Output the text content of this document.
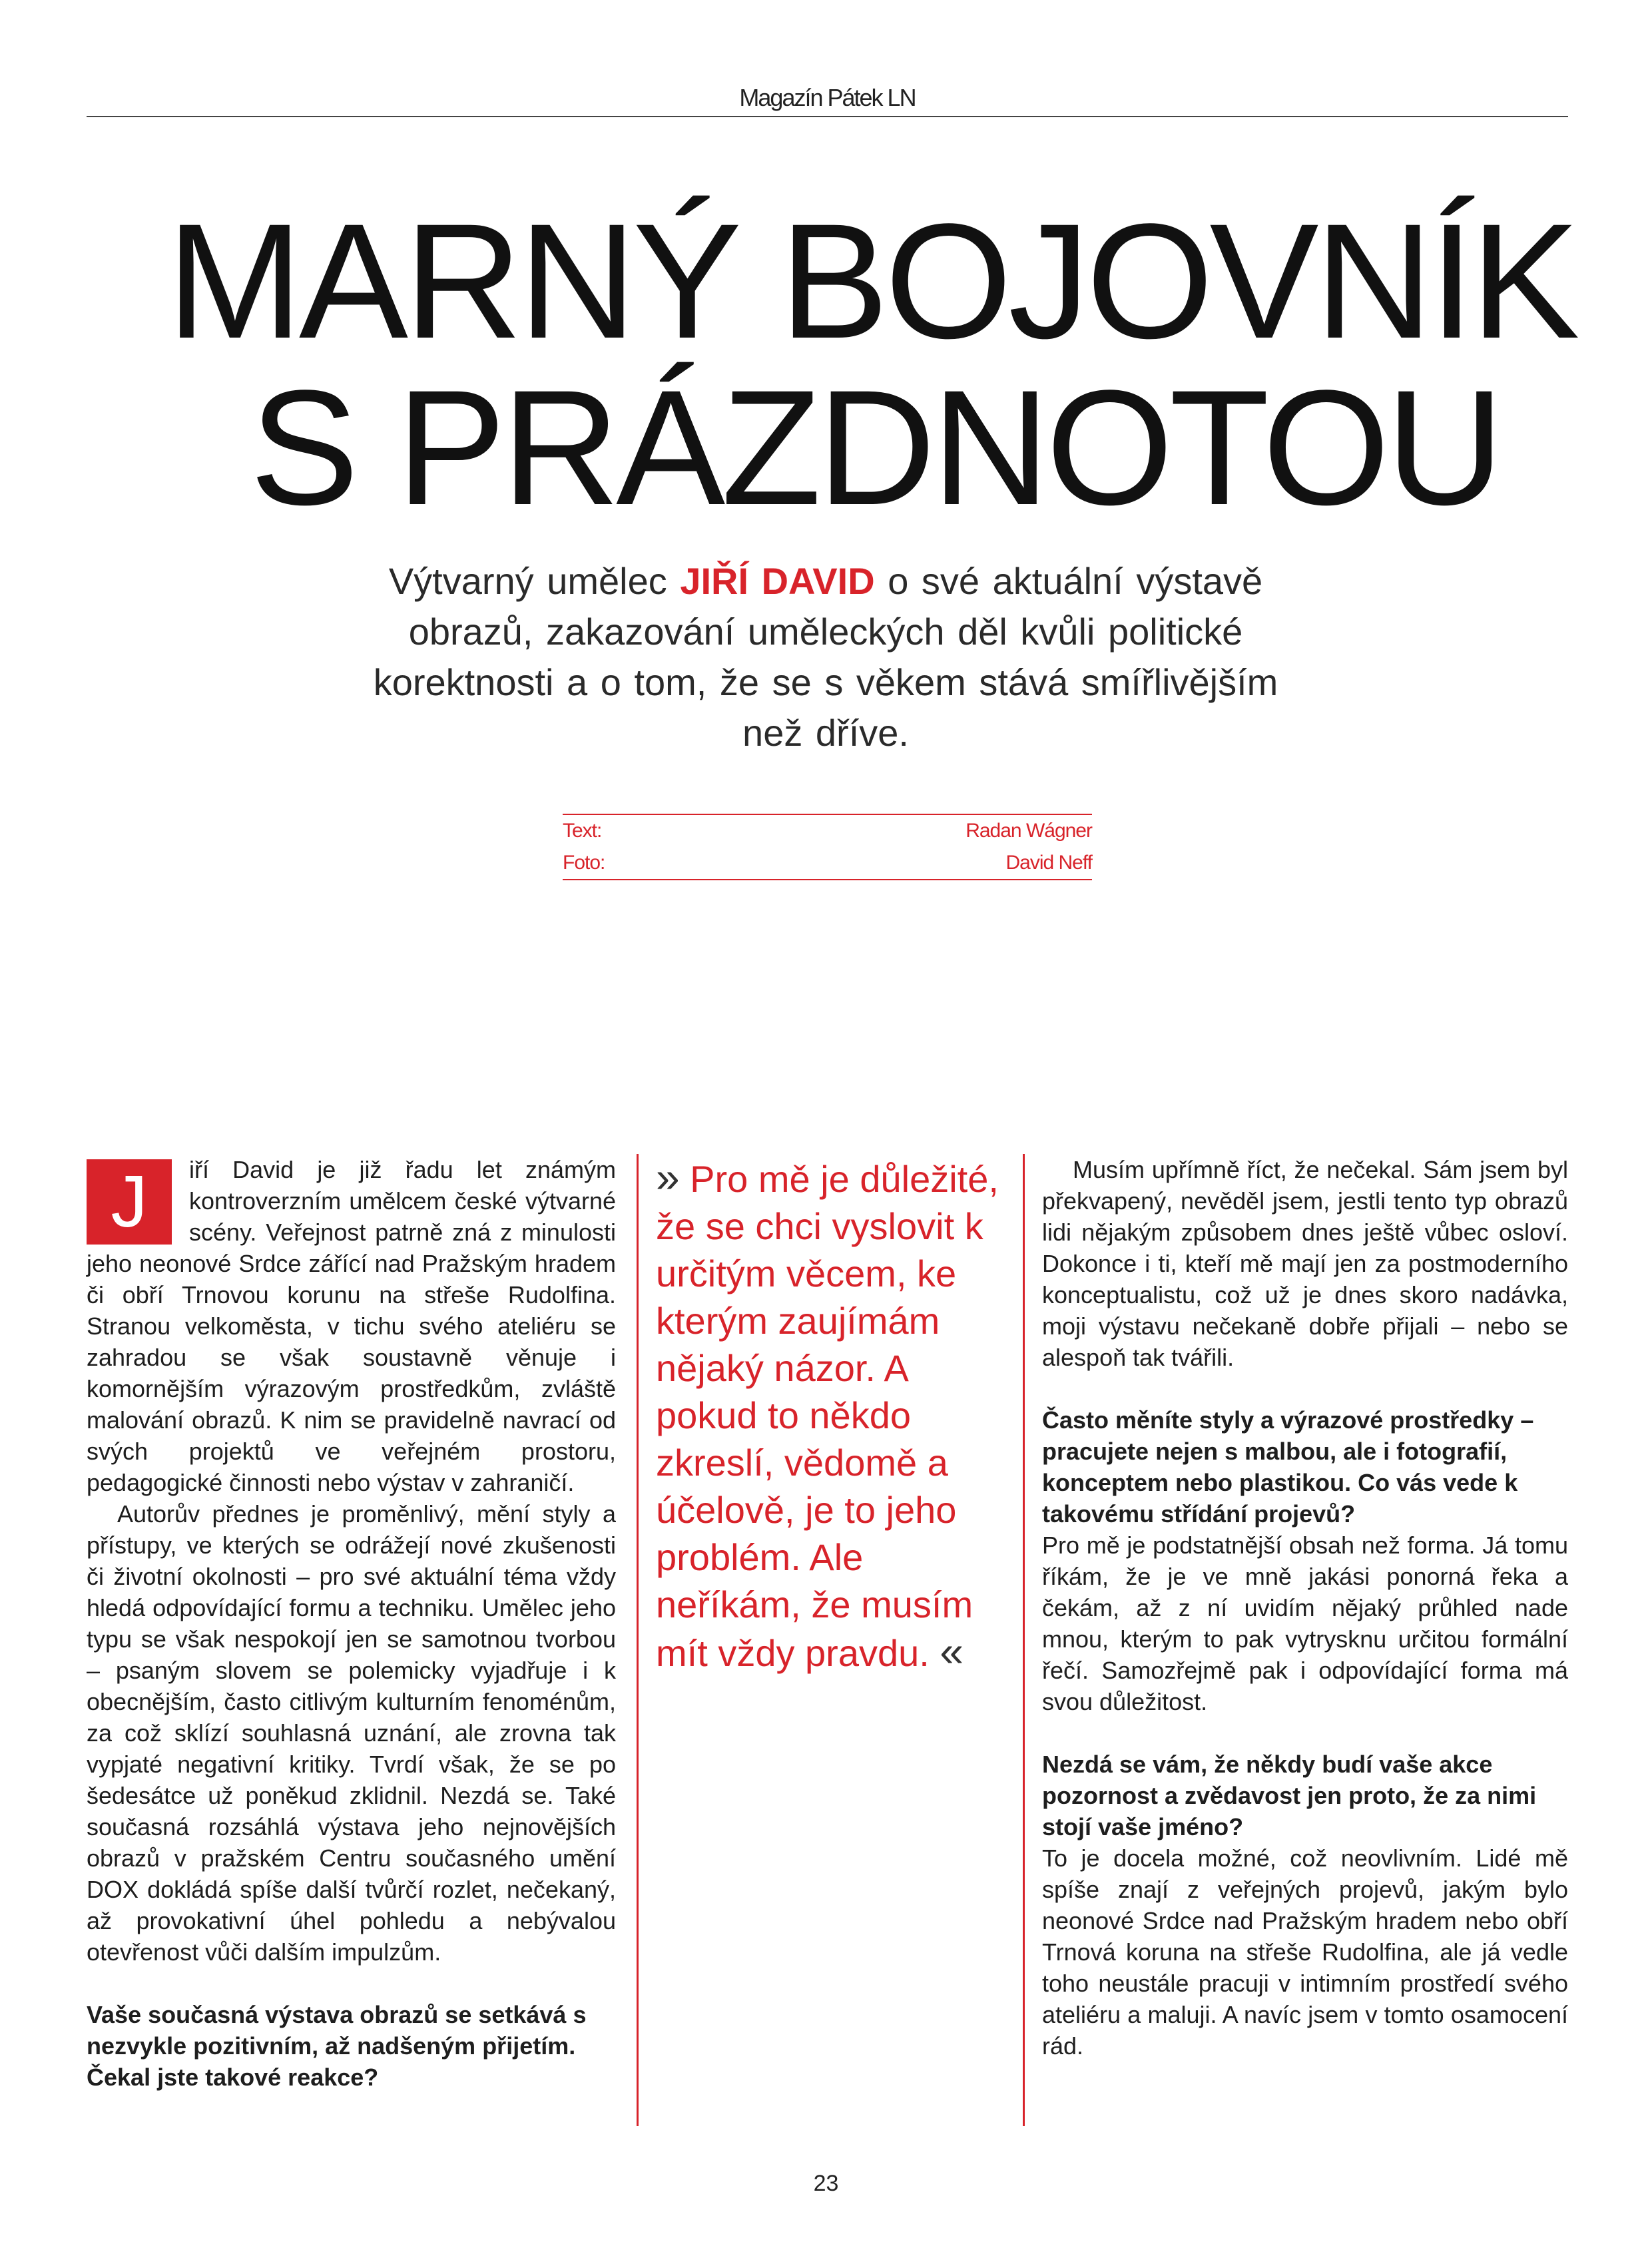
Magazín Pátek LN
MARNÝ BOJOVNÍK
S PRÁZDNOTOU
Výtvarný umělec JIŘÍ DAVID o své aktuální výstavě obrazů, zakazování uměleckých děl kvůli politické korektnosti a o tom, že se s věkem stává smířlivějším než dříve.
Text:	Radan Wágner
Foto:	David Neff
J	iří David je již řadu let známým kontroverzním umělcem české výtvarné scény. Veřejnost patrně zná z minulosti jeho neonové Srdce zářící nad Pražským hradem či obří Trnovou korunu na střeše Rudolfina. Stranou velkoměsta, v tichu svého ateliéru se zahradou se však soustavně věnuje i komornějším výrazovým prostředkům, zvláště malování obrazů. K nim se pravidelně navrací od svých projektů ve veřejném prostoru, pedagogické činnosti nebo výstav v zahraničí.

Autorův přednes je proměnlivý, mění styly a přístupy, ve kterých se odrážejí nové zkušenosti či životní okolnosti – pro své aktuální téma vždy hledá odpovídající formu a techniku. Umělec jeho typu se však nespokojí jen se samotnou tvorbou – psaným slovem se polemicky vyjadřuje i k obecnějším, často citlivým kulturním fenoménům, za což sklízí souhlasná uznání, ale zrovna tak vypjaté negativní kritiky. Tvrdí však, že se po šedesátce už poněkud zklidnil. Nezdá se. Také současná rozsáhlá výstava jeho nejnovějších obrazů v pražském Centru současného umění DOX dokládá spíše další tvůrčí rozlet, nečekaný, až provokativní úhel pohledu a nebývalou otevřenost vůči dalším impulzům.

Vaše současná výstava obrazů se setkává s nezvykle pozitivním, až nadšeným přijetím. Čekal jste takové reakce?

» Pro mě je důležité, že se chci vyslovit k určitým věcem, ke kterým zaujímám nějaký názor. A pokud to někdo zkreslí, vědomě a účelově, je to jeho problém. Ale neříkám, že musím mít vždy pravdu. «

Musím upřímně říct, že nečekal. Sám jsem byl překvapený, nevěděl jsem, jestli tento typ obrazů lidi nějakým způsobem dnes ještě vůbec osloví. Dokonce i ti, kteří mě mají jen za postmoderního konceptualistu, což už je dnes skoro nadávka, moji výstavu nečekaně dobře přijali – nebo se alespoň tak tvářili.

Často měníte styly a výrazové prostředky – pracujete nejen s malbou, ale i fotografií, konceptem nebo plastikou. Co vás vede k takovému střídání projevů?

Pro mě je podstatnější obsah než forma. Já tomu říkám, že je ve mně jakási ponorná řeka a čekám, až z ní uvidím nějaký průhled nade mnou, kterým to pak vytrysknu určitou formální řečí. Samozřejmě pak i odpovídající forma má svou důležitost.

Nezdá se vám, že někdy budí vaše akce pozornost a zvědavost jen proto, že za nimi stojí vaše jméno?

To je docela možné, což neovlivním. Lidé mě spíše znají z veřejných projevů, jakým bylo neonové Srdce nad Pražským hradem nebo obří Trnová koruna na střeše Rudolfina, ale já vedle toho neustále pracuji v intimním prostředí svého ateliéru a maluji. A navíc jsem v tomto osamocení rád.

23
